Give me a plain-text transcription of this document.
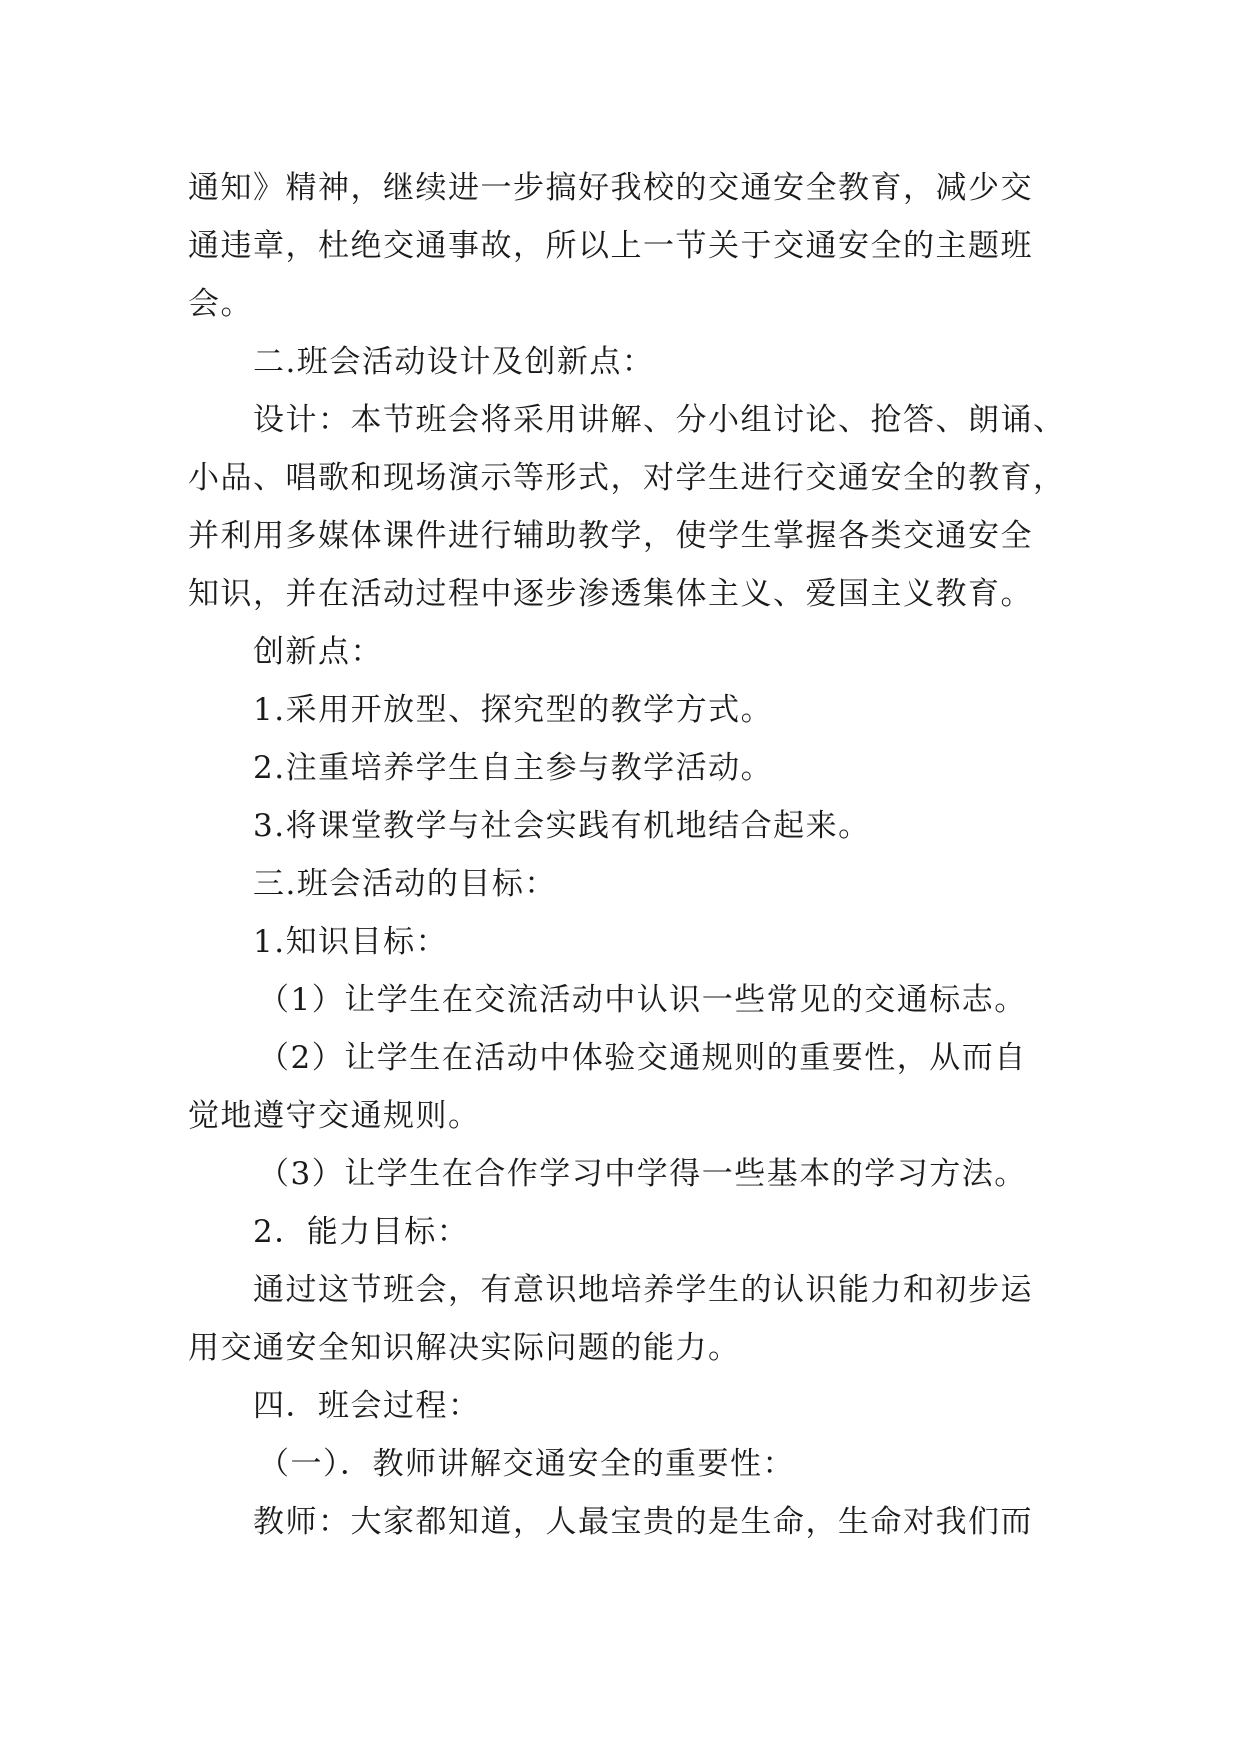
通知》精神，继续进一步搞好我校的交通安全教育，减少交
通违章，杜绝交通事故，所以上一节关于交通安全的主题班
会。
二.班会活动设计及创新点：
设计：本节班会将采用讲解、分小组讨论、抢答、朗诵、
小品、唱歌和现场演示等形式，对学生进行交通安全的教育，
并利用多媒体课件进行辅助教学，使学生掌握各类交通安全
知识，并在活动过程中逐步渗透集体主义、爱国主义教育。
创新点：
1.采用开放型、探究型的教学方式。
2.注重培养学生自主参与教学活动。
3.将课堂教学与社会实践有机地结合起来。
三.班会活动的目标：
1.知识目标：
（1）让学生在交流活动中认识一些常见的交通标志。
（2）让学生在活动中体验交通规则的重要性，从而自
觉地遵守交通规则。
（3）让学生在合作学习中学得一些基本的学习方法。
2．能力目标：
通过这节班会，有意识地培养学生的认识能力和初步运
用交通安全知识解决实际问题的能力。
四．班会过程：
（一）．教师讲解交通安全的重要性：
教师：大家都知道，人最宝贵的是生命，生命对我们而
